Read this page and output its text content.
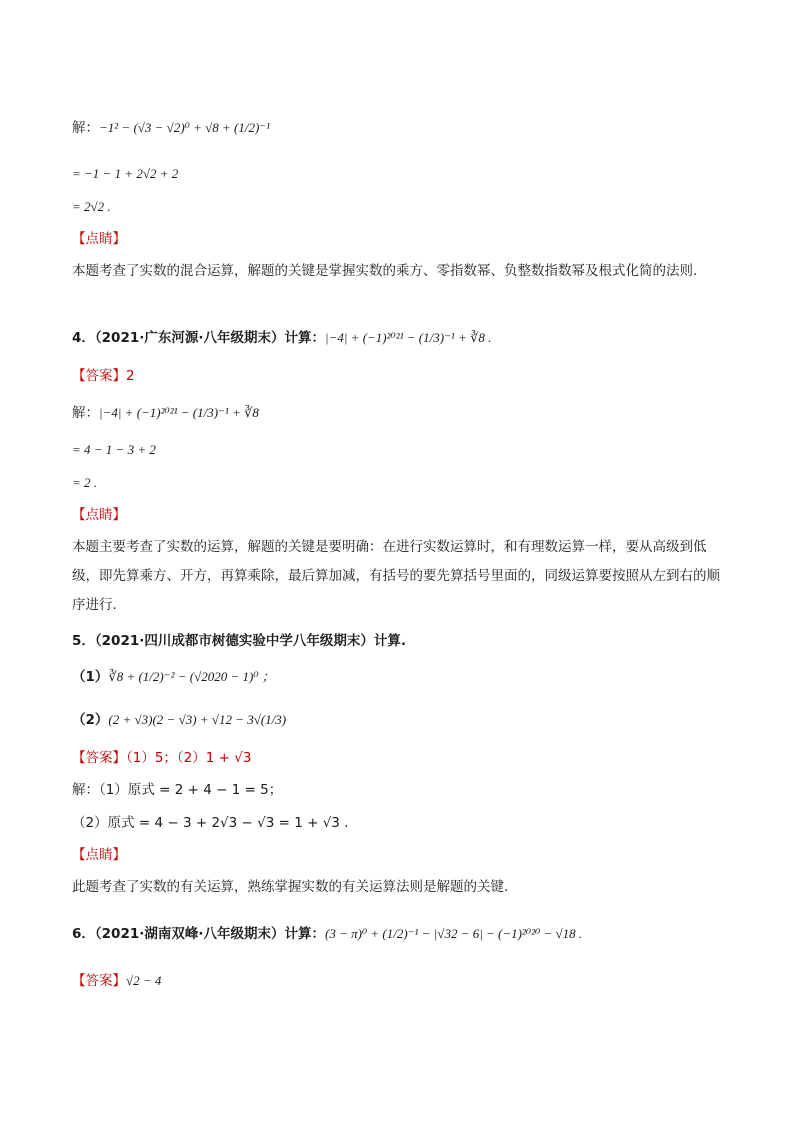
解：−1² − (√3 − √2)⁰ + √8 + (1/2)⁻¹
= −1 − 1 + 2√2 + 2
= 2√2 .
【点睛】
本题考查了实数的混合运算，解题的关键是掌握实数的乘方、零指数幂、负整数指数幂及根式化简的法则.
4．（2021·广东河源·八年级期末）计算：|−4| + (−1)²⁰²¹ − (1/3)⁻¹ + ∛8 .
【答案】2
解：|−4| + (−1)²⁰²¹ − (1/3)⁻¹ + ∛8
= 4 − 1 − 3 + 2
= 2 .
【点睛】
本题主要考查了实数的运算，解题的关键是要明确：在进行实数运算时，和有理数运算一样，要从高级到低级，即先算乘方、开方，再算乘除，最后算加减，有括号的要先算括号里面的，同级运算要按照从左到右的顺序进行.
5．（2021·四川成都市树德实验中学八年级期末）计算.
（1）∛8 + (1/2)⁻² − (√2020 − 1)⁰ ；
（2）(2 + √3)(2 − √3) + √12 − 3√(1/3)
【答案】（1）5；（2）1 + √3
解：（1）原式 = 2 + 4 − 1 = 5；
（2）原式 = 4 − 3 + 2√3 − √3 = 1 + √3 .
【点睛】
此题考查了实数的有关运算，熟练掌握实数的有关运算法则是解题的关键.
6．（2021·湖南双峰·八年级期末）计算：(3 − π)⁰ + (1/2)⁻¹ − |√32 − 6| − (−1)²⁰²⁰ − √18 .
【答案】√2 − 4
